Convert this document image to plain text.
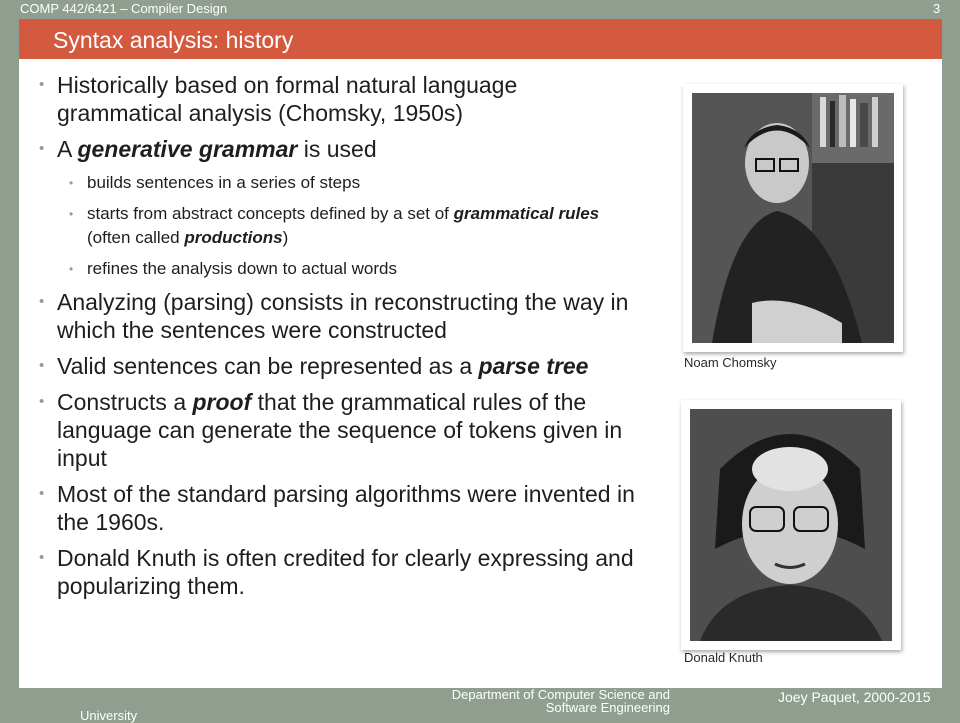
COMP 442/6421 – Compiler Design	3
• Historically based on formal natural language grammatical analysis (Chomsky, 1950s)
• A generative grammar is used
• builds sentences in a series of steps
• starts from abstract concepts defined by a set of grammatical rules (often called productions)
• refines the analysis down to actual words
• Analyzing (parsing) consists in reconstructing the way in which the sentences were constructed
• Valid sentences can be represented as a parse tree
• Constructs a proof that the grammatical rules of the language can generate the sequence of tokens given in input
• Most of the standard parsing algorithms were invented in the 1960s.
• Donald Knuth is often credited for clearly expressing and popularizing them.
Noam Chomsky
Donald Knuth
Syntax analysis: history
University
Department of Computer Science and Software Engineering
Joey Paquet, 2000-2015
